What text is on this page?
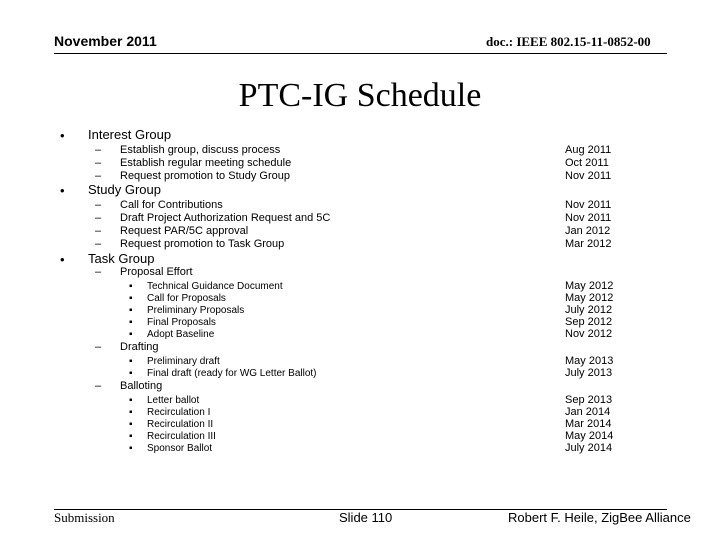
November 2011	doc.: IEEE 802.15-11-0852-00
PTC-IG Schedule
• Interest Group
– Establish group, discuss process	Aug 2011
– Establish regular meeting schedule	Oct 2011
– Request promotion to Study Group	Nov 2011
• Study Group
– Call for Contributions	Nov 2011
– Draft Project Authorization Request and 5C	Nov 2011
– Request PAR/5C approval	Jan 2012
– Request promotion to Task Group	Mar 2012
• Task Group
– Proposal Effort
▪ Technical Guidance Document	May 2012
▪ Call for Proposals	May 2012
▪ Preliminary Proposals	July 2012
▪ Final Proposals	Sep 2012
▪ Adopt Baseline	Nov 2012
– Drafting
▪ Preliminary draft	May 2013
▪ Final draft (ready for WG Letter Ballot)	July 2013
– Balloting
▪ Letter ballot	Sep 2013
▪ Recirculation I	Jan 2014
▪ Recirculation II	Mar 2014
▪ Recirculation III	May 2014
▪ Sponsor Ballot	July 2014
Submission	Slide 110	Robert F. Heile, ZigBee Alliance
